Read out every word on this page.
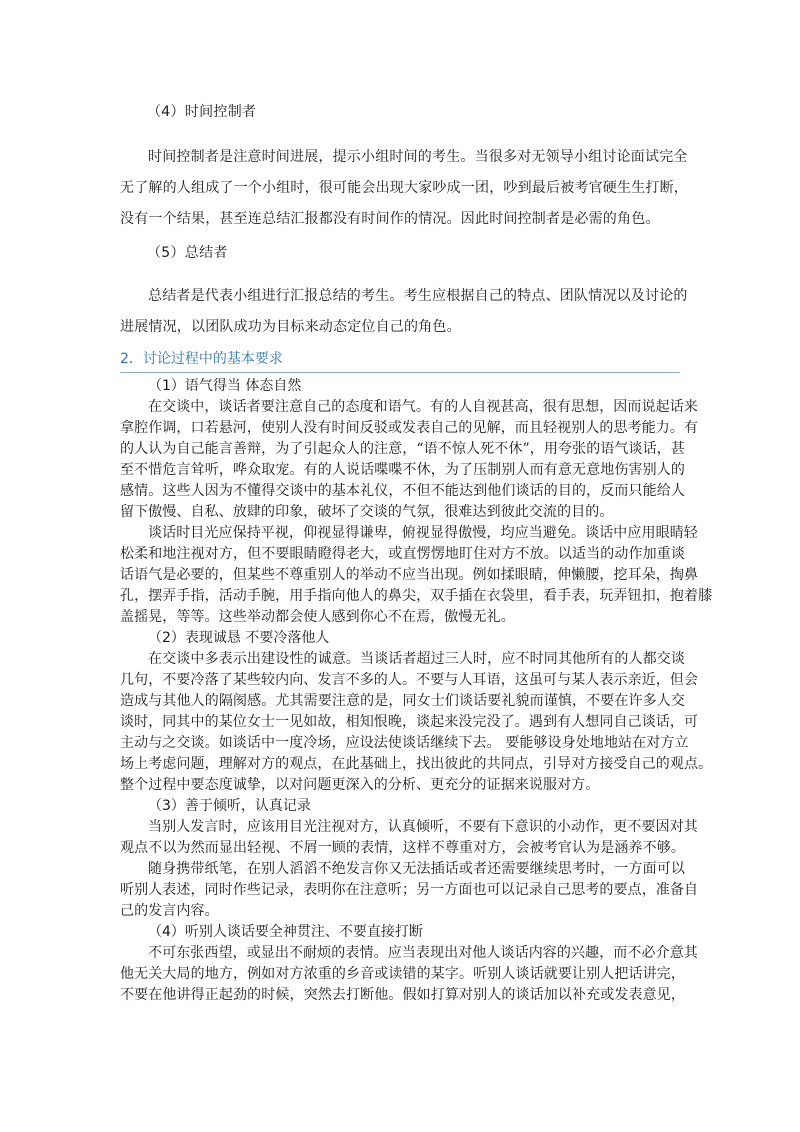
（4）时间控制者
时间控制者是注意时间进展，提示小组时间的考生。当很多对无领导小组讨论面试完全
无了解的人组成了一个小组时，很可能会出现大家吵成一团，吵到最后被考官硬生生打断，
没有一个结果，甚至连总结汇报都没有时间作的情况。因此时间控制者是必需的角色。
（5）总结者
总结者是代表小组进行汇报总结的考生。考生应根据自己的特点、团队情况以及讨论的
进展情况，以团队成功为目标来动态定位自己的角色。
2．讨论过程中的基本要求
（1）语气得当 体态自然
在交谈中，谈话者要注意自己的态度和语气。有的人自视甚高，很有思想，因而说起话来
拿腔作调，口若悬河，使别人没有时间反驳或发表自己的见解，而且轻视别人的思考能力。有
的人认为自己能言善辩，为了引起众人的注意，“语不惊人死不休”，用夸张的语气谈话，甚
至不惜危言耸听，哗众取宠。有的人说话喋喋不休，为了压制别人而有意无意地伤害别人的
感情。这些人因为不懂得交谈中的基本礼仪，不但不能达到他们谈话的目的，反而只能给人
留下傲慢、自私、放肆的印象，破坏了交谈的气氛，很难达到彼此交流的目的。
谈话时目光应保持平视，仰视显得谦卑，俯视显得傲慢，均应当避免。谈话中应用眼睛轻
松柔和地注视对方，但不要眼睛瞪得老大，或直愣愣地盯住对方不放。以适当的动作加重谈
话语气是必要的，但某些不尊重别人的举动不应当出现。例如揉眼睛，伸懒腰，挖耳朵，掏鼻
孔，摆弄手指，活动手腕，用手指向他人的鼻尖，双手插在衣袋里，看手表，玩弄钮扣，抱着膝
盖摇晃，等等。这些举动都会使人感到你心不在焉，傲慢无礼。
（2）表现诚恳 不要冷落他人
在交谈中多表示出建设性的诚意。当谈话者超过三人时，应不时同其他所有的人都交谈
几句，不要冷落了某些较内向、发言不多的人。不要与人耳语，这虽可与某人表示亲近，但会
造成与其他人的隔阂感。尤其需要注意的是，同女士们谈话要礼貌而谨慎，不要在许多人交
谈时，同其中的某位女士一见如故，相知恨晚，谈起来没完没了。遇到有人想同自己谈话，可
主动与之交谈。如谈话中一度冷场，应设法使谈话继续下去。 要能够设身处地地站在对方立
场上考虑问题，理解对方的观点，在此基础上，找出彼此的共同点，引导对方接受自己的观点。
整个过程中要态度诚挚，以对问题更深入的分析、更充分的证据来说服对方。
（3）善于倾听，认真记录
当别人发言时，应该用目光注视对方，认真倾听，不要有下意识的小动作，更不要因对其
观点不以为然而显出轻视、不屑一顾的表情，这样不尊重对方，会被考官认为是涵养不够。
随身携带纸笔，在别人滔滔不绝发言你又无法插话或者还需要继续思考时，一方面可以
听别人表述，同时作些记录，表明你在注意听；另一方面也可以记录自己思考的要点，准备自
己的发言内容。
（4）听别人谈话要全神贯注、不要直接打断
不可东张西望，或显出不耐烦的表情。应当表现出对他人谈话内容的兴趣，而不必介意其
他无关大局的地方，例如对方浓重的乡音或读错的某字。听别人谈话就要让别人把话讲完，
不要在他讲得正起劲的时候，突然去打断他。假如打算对别人的谈话加以补充或发表意见，
